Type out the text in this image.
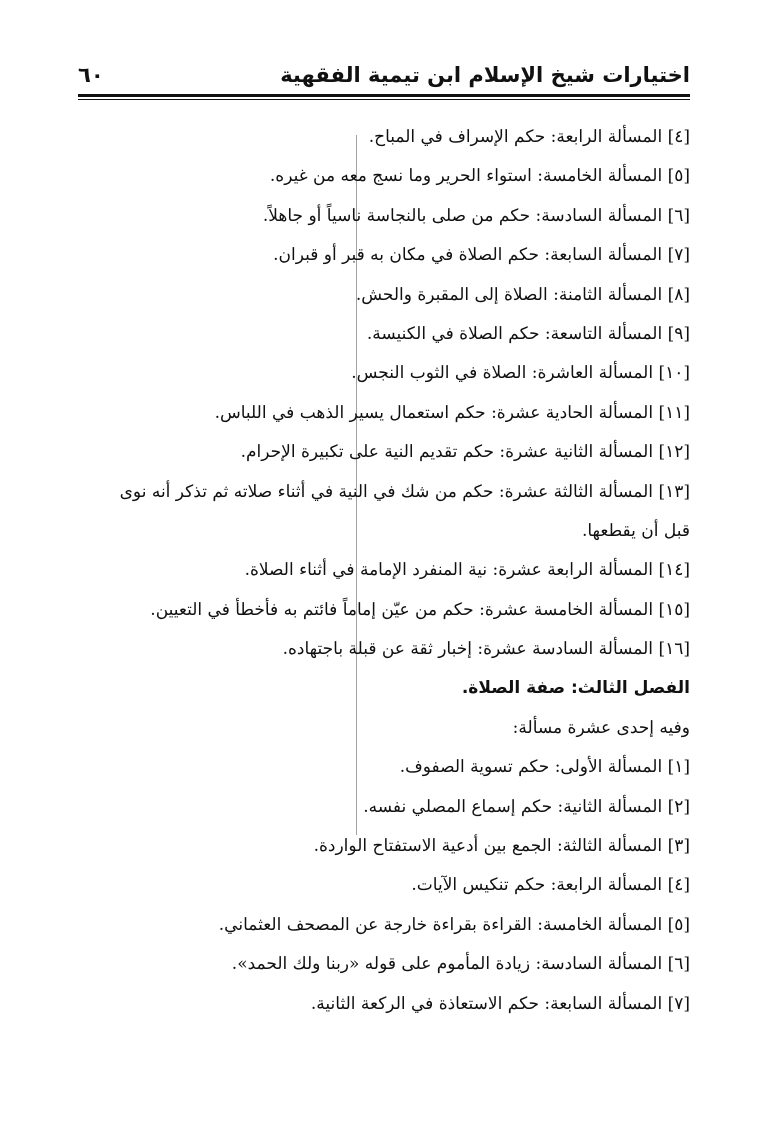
اختيارات شيخ الإسلام ابن تيمية الفقهية
٦٠
[٤] المسألة الرابعة: حكم الإسراف في المباح.
[٥] المسألة الخامسة: استواء الحرير وما نسج معه من غيره.
[٦] المسألة السادسة: حكم من صلى بالنجاسة ناسياً أو جاهلاً.
[٧] المسألة السابعة: حكم الصلاة في مكان به قبر أو قبران.
[٨] المسألة الثامنة: الصلاة إلى المقبرة والحش.
[٩] المسألة التاسعة: حكم الصلاة في الكنيسة.
[١٠] المسألة العاشرة: الصلاة في الثوب النجس.
[١١] المسألة الحادية عشرة: حكم استعمال يسير الذهب في اللباس.
[١٢] المسألة الثانية عشرة: حكم تقديم النية على تكبيرة الإحرام.
[١٣] المسألة الثالثة عشرة: حكم من شك في النية في أثناء صلاته ثم تذكر أنه نوى
قبل أن يقطعها.
[١٤] المسألة الرابعة عشرة: نية المنفرد الإمامة في أثناء الصلاة.
[١٥] المسألة الخامسة عشرة: حكم من عيّن إماماً فائتم به فأخطأ في التعيين.
[١٦] المسألة السادسة عشرة: إخبار ثقة عن قبلة باجتهاده.
الفصل الثالث: صفة الصلاة.
وفيه إحدى عشرة مسألة:
[١] المسألة الأولى: حكم تسوية الصفوف.
[٢] المسألة الثانية: حكم إسماع المصلي نفسه.
[٣] المسألة الثالثة: الجمع بين أدعية الاستفتاح الواردة.
[٤] المسألة الرابعة: حكم تنكيس الآيات.
[٥] المسألة الخامسة: القراءة بقراءة خارجة عن المصحف العثماني.
[٦] المسألة السادسة: زيادة المأموم على قوله «ربنا ولك الحمد».
[٧] المسألة السابعة: حكم الاستعاذة في الركعة الثانية.
